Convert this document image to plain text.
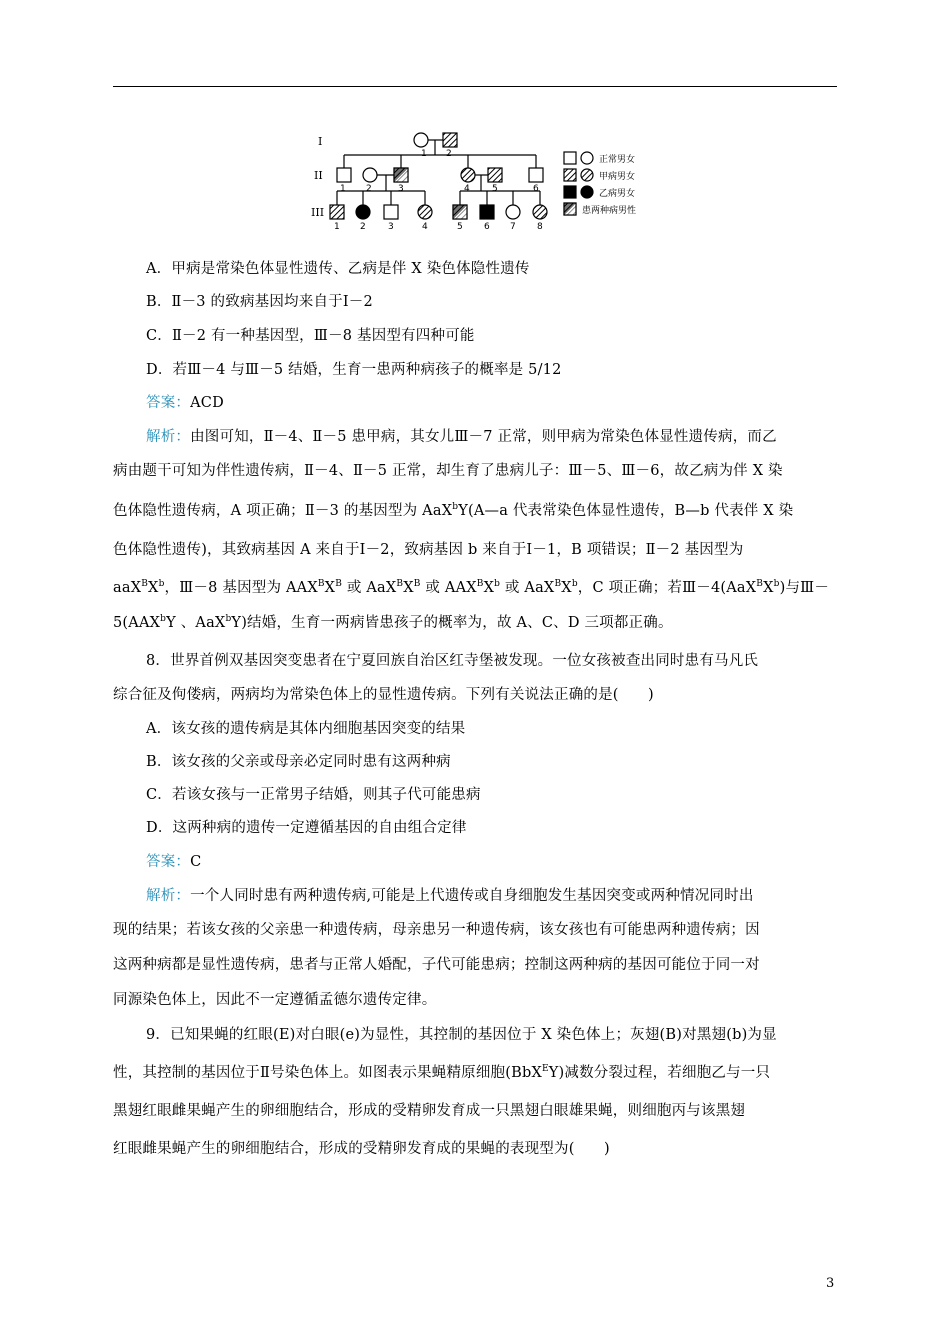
I
II
III
1 2
1 2	3	4 5	6
1 2 3	4	5 6 7 8
正常男女
甲病男女
乙病男女
患两种病男性
A．甲病是常染色体显性遗传、乙病是伴 X 染色体隐性遗传
B．Ⅱ－3 的致病基因均来自于Ⅰ－2
C．Ⅱ－2 有一种基因型，Ⅲ－8 基因型有四种可能
D．若Ⅲ－4 与Ⅲ－5 结婚，生育一患两种病孩子的概率是 5/12
答案：ACD
解析：由图可知，Ⅱ－4、Ⅱ－5 患甲病，其女儿Ⅲ－7 正常，则甲病为常染色体显性遗传病，而乙
病由题干可知为伴性遗传病，Ⅱ－4、Ⅱ－5 正常，却生育了患病儿子：Ⅲ－5、Ⅲ－6，故乙病为伴 X 染
色体隐性遗传病，A 项正确；Ⅱ－3 的基因型为 AaX$^b$Y(A—a 代表常染色体显性遗传，B—b 代表伴 X 染
色体隐性遗传)，其致病基因 A 来自于Ⅰ－2，致病基因 b 来自于Ⅰ－1，B 项错误；Ⅱ－2 基因型为
$aaX^BX^b$，Ⅲ－8 基因型为 $AAX^BX^B$ 或 $AaX^BX^B$ 或 $AAX^BX^b$ 或 $AaX^BX^b$，C 项正确；若$Ⅲ-4(AaX^BX^b)$与Ⅲ－
$5(AAX^bY$ 、AaX$^b$Y)结婚，生育一两病皆患孩子的概率为，故 A、C、D 三项都正确。
8．世界首例双基因突变患者在宁夏回族自治区红寺堡被发现。一位女孩被查出同时患有马凡氏
综合征及佝偻病，两病均为常染色体上的显性遗传病。下列有关说法正确的是(　　)
A．该女孩的遗传病是其体内细胞基因突变的结果
B．该女孩的父亲或母亲必定同时患有这两种病
C．若该女孩与一正常男子结婚，则其子代可能患病
D．这两种病的遗传一定遵循基因的自由组合定律
答案：C
解析：一个人同时患有两种遗传病,可能是上代遗传或自身细胞发生基因突变或两种情况同时出
现的结果；若该女孩的父亲患一种遗传病，母亲患另一种遗传病，该女孩也有可能患两种遗传病；因
这两种病都是显性遗传病，患者与正常人婚配，子代可能患病；控制这两种病的基因可能位于同一对
同源染色体上，因此不一定遵循孟德尔遗传定律。
9．已知果蝇的红眼(E)对白眼(e)为显性，其控制的基因位于 X 染色体上；灰翅(B)对黑翅(b)为显
性，其控制的基因位于Ⅱ号染色体上。如图表示果蝇精原细胞(BbX$^E$Y)减数分裂过程，若细胞乙与一只
黑翅红眼雌果蝇产生的卵细胞结合，形成的受精卵发育成一只黑翅白眼雄果蝇，则细胞丙与该黑翅
红眼雌果蝇产生的卵细胞结合，形成的受精卵发育成的果蝇的表现型为(　　)
3
